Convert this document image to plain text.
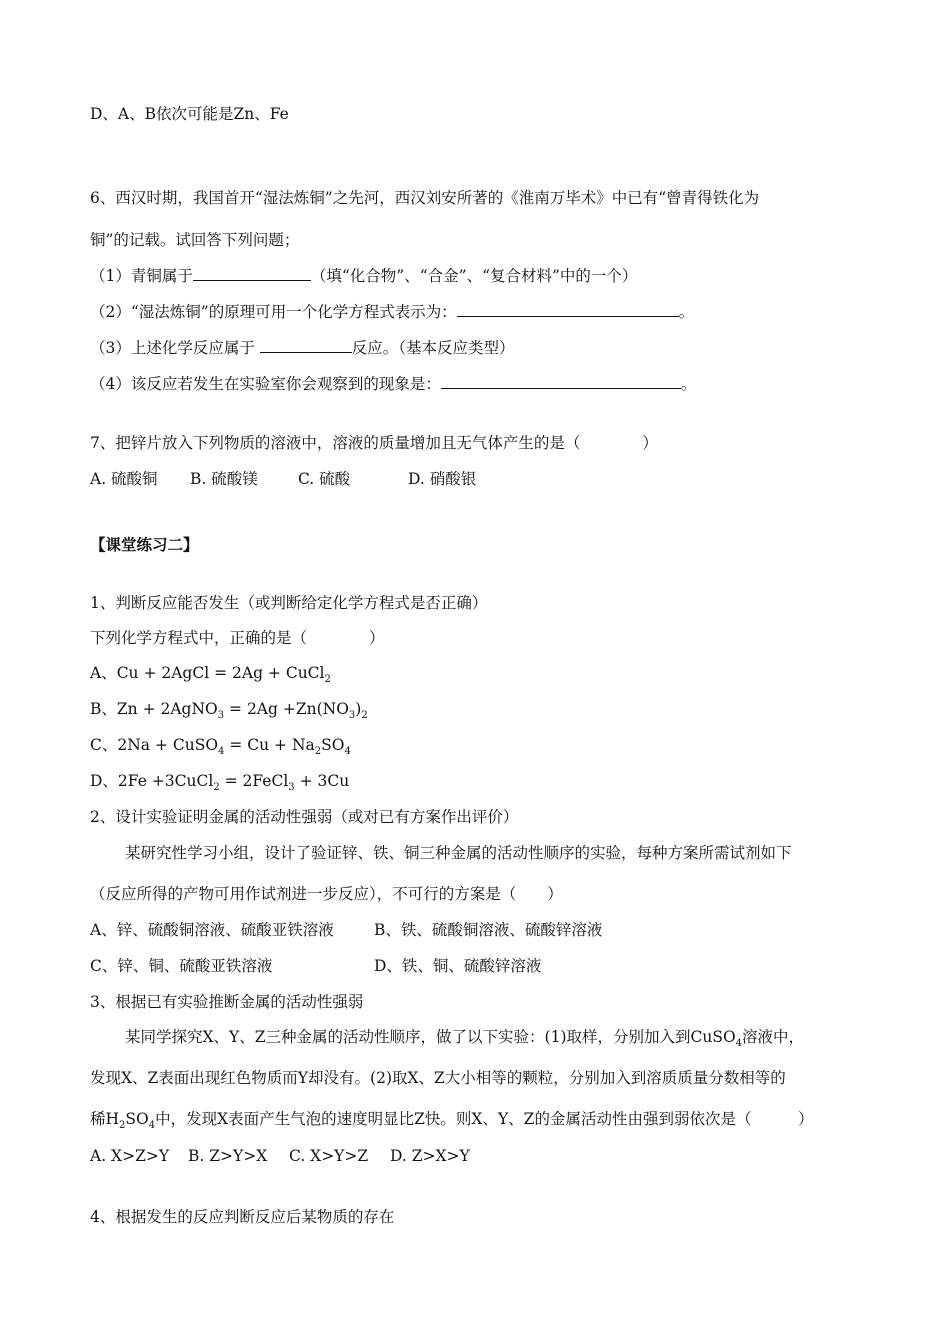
D、A、B依次可能是Zn、Fe
6、西汉时期，我国首开“湿法炼铜”之先河，西汉刘安所著的《淮南万毕术》中已有“曾青得铁化为
铜”的记载。试回答下列问题；
（1）青铜属于	（填“化合物”、“合金”、“复合材料”中的一个）
（2）“湿法炼铜”的原理可用一个化学方程式表示为：	。
（3）上述化学反应属于	反应。（基本反应类型）
（4）该反应若发生在实验室你会观察到的现象是：	。
7、把锌片放入下列物质的溶液中，溶液的质量增加且无气体产生的是（　　　　）
A. 硫酸铜 B. 硫酸镁	C. 硫酸	D. 硝酸银
【课堂练习二】
1、判断反应能否发生（或判断给定化学方程式是否正确）
下列化学方程式中，正确的是（　　　　）
A、Cu + 2AgCl = 2Ag + CuCl$_2$
B、Zn + 2AgNO$_3$ = $2Ag +Zn(NO_3)_2$
C、2Na + CuSO$_4$ = $Cu + Na_2SO_4$
D、2Fe +3CuCl$_2$ = 2FeCl$_3$ + 3Cu
2、设计实验证明金属的活动性强弱（或对已有方案作出评价）
某研究性学习小组，设计了验证锌、铁、铜三种金属的活动性顺序的实验，每种方案所需试剂如下
（反应所得的产物可用作试剂进一步反应），不可行的方案是（　　）
A、锌、硫酸铜溶液、硫酸亚铁溶液	B、铁、硫酸铜溶液、硫酸锌溶液
C、锌、铜、硫酸亚铁溶液	D、铁、铜、硫酸锌溶液
3、根据已有实验推断金属的活动性强弱
某同学探究X、Y、Z三种金属的活动性顺序，做了以下实验：(1)取样，分别加入到CuSO$_4$溶液中，
发现X、Z表面出现红色物质而Y却没有。(2)取X、Z大小相等的颗粒，分别加入到溶质质量分数相等的
稀$H_2SO_4$中，发现X表面产生气泡的速度明显比Z快。则X、Y、Z的金属活动性由强到弱依次是（　　　）
A. X>Z>Y B. Z>Y>X C. X>Y>Z D. Z>X>Y
4、根据发生的反应判断反应后某物质的存在
